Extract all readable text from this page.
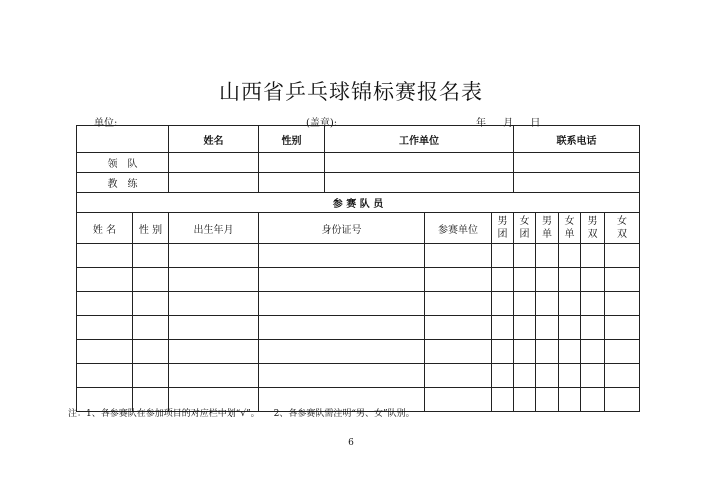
山西省乒乓球锦标赛报名表
单位:	(盖章):	年 月 日
		姓名	性别	工作单位			联系电话					
领　队												
教　练												
参 赛 队 员												
姓 名	性 别	出生年月	身份证号		参赛单位	男团	女团	男单	女单	男双	女双		

注：1、各参赛队在参加项目的对应栏中划“√”。 2、各参赛队需注明“男、女”队别。
6
